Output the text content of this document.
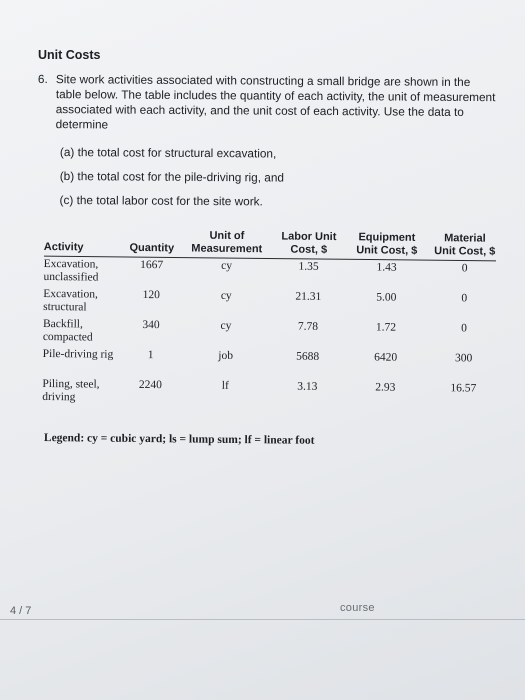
Unit Costs
6. Site work activities associated with constructing a small bridge are shown in the table below. The table includes the quantity of each activity, the unit of measurement associated with each activity, and the unit cost of each activity. Use the data to determine
(a) the total cost for structural excavation,
(b) the total cost for the pile-driving rig, and
(c) the total labor cost for the site work.
Activity	Quantity	Unit of Measurement	Labor Unit Cost, $	Equipment Unit Cost, $	Material Unit Cost, $
Excavation, unclassified	1667	cy	1.35	1.43	0
Excavation, structural	120	cy	21.31	5.00	0
Backfill, compacted	340	cy	7.78	1.72	0
Pile-driving rig	1	job	5688	6420	300
Piling, steel, driving	2240	lf	3.13	2.93	16.57
Legend: cy = cubic yard; ls = lump sum; lf = linear foot
course
4 / 7
